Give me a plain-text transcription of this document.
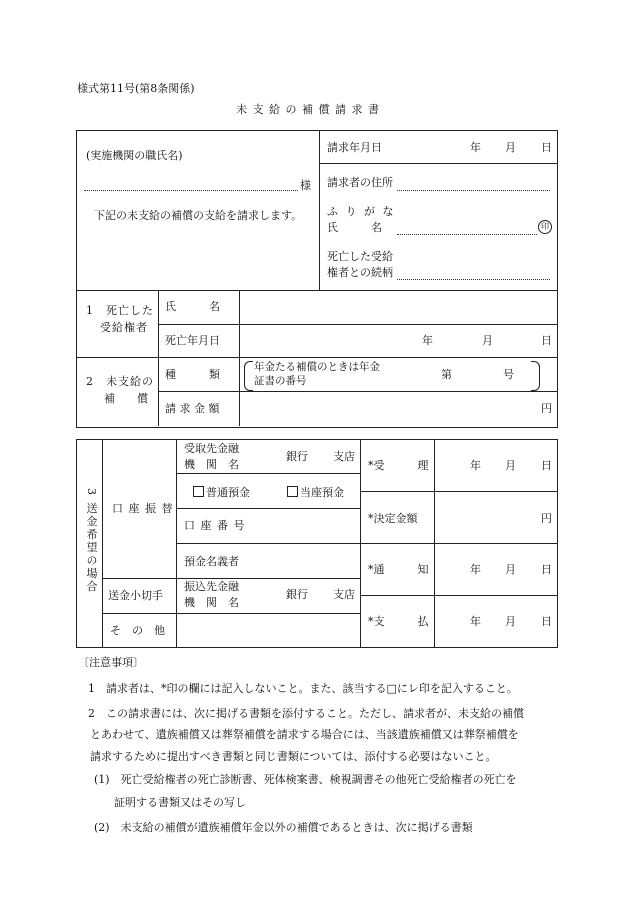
様式第11号(第8条関係)
未 支 給 の 補 償 請 求 書
(実施機関の職氏名)
様
下記の未支給の補償の支給を請求します。
請求年月日	年 月 日
請求者の住所
ふ り が な
氏　　　名	印
死亡した受給
権者との続柄
1　死亡した
受給権者
氏　　　名
死亡年月日	年	月	日
2　未支給の
補　　償
種　　　類
年金たる補償のときは年金
証書の番号	第	号
請 求 金 額	円
3 送金希望の場合 口 座 振 替
受取先金融
機　関　名
銀行 支店
普通預金	当座預金
口 座 番 号
預金名義者
送金小切手
振込先金融
機　関　名
銀行 支店
そ　の　他
*受　　　理	年 月 日
*決定金額	円
*通　　　知	年 月 日
*支　　　払	年 月 日
〔注意事項〕
1　請求者は、*印の欄には記入しないこと。また、該当する□にレ印を記入すること。
2　この請求書には、次に掲げる書類を添付すること。ただし、請求者が、未支給の補償
とあわせて、遺族補償又は葬祭補償を請求する場合には、当該遺族補償又は葬祭補償を
請求するために提出すべき書類と同じ書類については、添付する必要はないこと。
(1)　死亡受給権者の死亡診断書、死体検案書、検視調書その他死亡受給権者の死亡を
証明する書類又はその写し
(2)　未支給の補償が遺族補償年金以外の補償であるときは、次に掲げる書類
